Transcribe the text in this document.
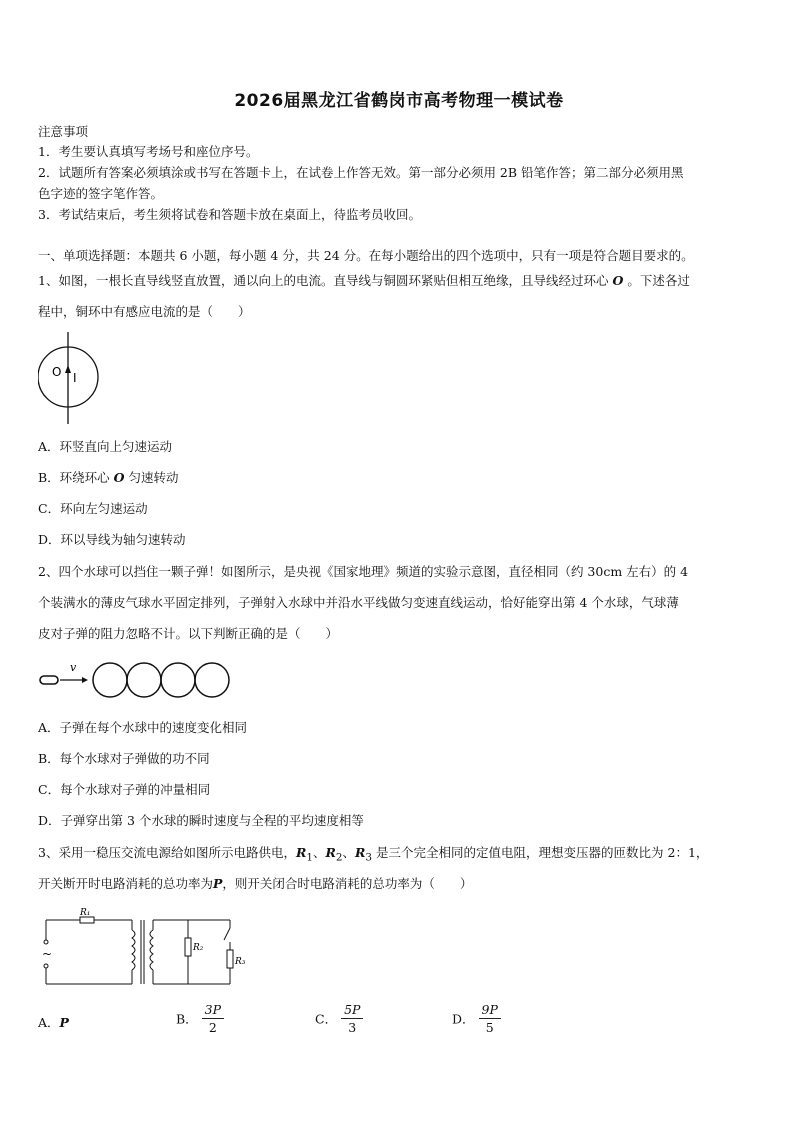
2026届黑龙江省鹤岗市高考物理一模试卷
注意事项
1．考生要认真填写考场号和座位序号。
2．试题所有答案必须填涂或书写在答题卡上，在试卷上作答无效。第一部分必须用 2B 铅笔作答；第二部分必须用黑
色字迹的签字笔作答。
3．考试结束后，考生须将试卷和答题卡放在桌面上，待监考员收回。
一、单项选择题：本题共 6 小题，每小题 4 分，共 24 分。在每小题给出的四个选项中，只有一项是符合题目要求的。
1、如图，一根长直导线竖直放置，通以向上的电流。直导线与铜圆环紧贴但相互绝缘，且导线经过环心 O 。下述各过
程中，铜环中有感应电流的是（　　）
O I
A．环竖直向上匀速运动
B．环绕环心 O 匀速转动
C．环向左匀速运动
D．环以导线为轴匀速转动
2、四个水球可以挡住一颗子弹！如图所示，是央视《国家地理》频道的实验示意图，直径相同（约 30cm 左右）的 4
个装满水的薄皮气球水平固定排列，子弹射入水球中并沿水平线做匀变速直线运动，恰好能穿出第 4 个水球，气球薄
皮对子弹的阻力忽略不计。以下判断正确的是（　　）
v
A．子弹在每个水球中的速度变化相同
B．每个水球对子弹做的功不同
C．每个水球对子弹的冲量相同
D．子弹穿出第 3 个水球的瞬时速度与全程的平均速度相等
3、采用一稳压交流电源给如图所示电路供电，$R_1$、$R_2$、$R_3$ 是三个完全相同的定值电阻，理想变压器的匝数比为 2：1，
开关断开时电路消耗的总功率为P，则开关闭合时电路消耗的总功率为（　　）
~
R₁
R₂
R₃
A．P	B． $\frac{3P}{2}$	C． $\frac{5P}{3}$	D． $\frac{9P}{5}$
